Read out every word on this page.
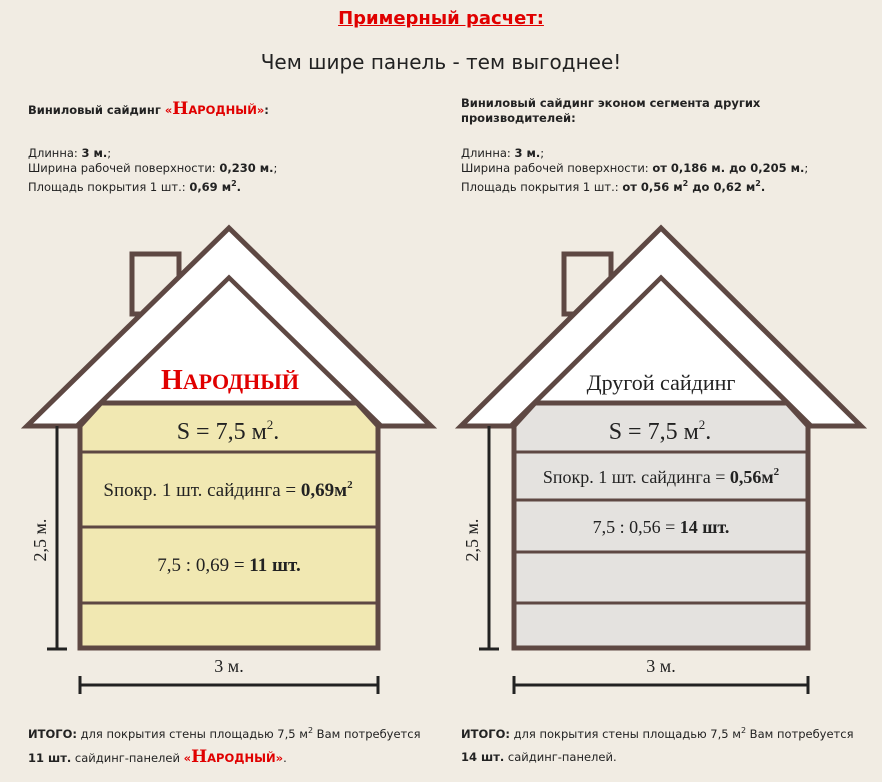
Примерный расчет:
Чем шире панель - тем выгоднее!
Виниловый сайдинг «НАРОДНЫЙ»:
Длинна: 3 м.;
Ширина рабочей поверхности: 0,230 м.;
Площадь покрытия 1 шт.: 0,69 $м^2$.
Виниловый сайдинг эконом сегмента других производителей:
Длинна: 3 м.;
Ширина рабочей поверхности: от 0,186 м. до 0,205 м.;
Площадь покрытия 1 шт.: от 0,56 $м^2$ до 0,62 $м^2$.
НАРОДНЫЙ
S = 7,5 $м^2$.
Sпокр. 1 шт. сайдинга = $0,69м^2$
7,5 : 0,69 = 11 шт.
2,5 м.
3 м.
Другой сайдинг
S = 7,5 $м^2$.
Sпокр. 1 шт. сайдинга = $0,56м^2$
7,5 : 0,56 = 14 шт.
2,5 м.
3 м.
ИТОГО: для покрытия стены площадью 7,5 $м^2$ Вам потребуется
11 шт. сайдинг-панелей «НАРОДНЫЙ».
ИТОГО: для покрытия стены площадью 7,5 $м^2$ Вам потребуется
14 шт. сайдинг-панелей.
